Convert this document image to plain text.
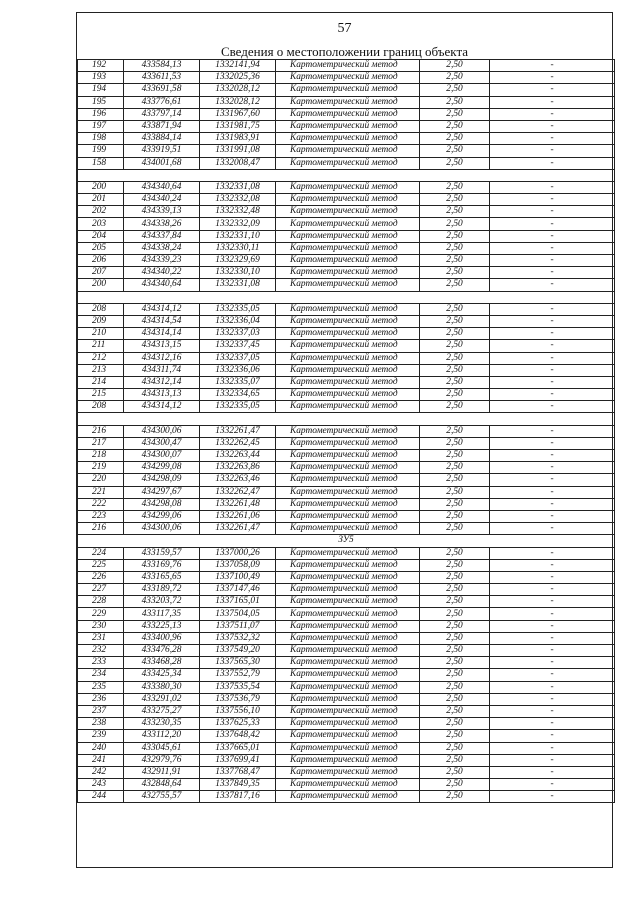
57
Сведения о местоположении границ объекта
192	433584,13	1332141,94	Картометрический метод	2,50	-
193	433611,53	1332025,36	Картометрический метод	2,50	-
194	433691,58	1332028,12	Картометрический метод	2,50	-
195	433776,61	1332028,12	Картометрический метод	2,50	-
196	433797,14	1331967,60	Картометрический метод	2,50	-
197	433871,94	1331981,75	Картометрический метод	2,50	-
198	433884,14	1331983,91	Картометрический метод	2,50	-
199	433919,51	1331991,08	Картометрический метод	2,50	-
158	434001,68	1332008,47	Картометрический метод	2,50	-

200	434340,64	1332331,08	Картометрический метод	2,50	-
201	434340,24	1332332,08	Картометрический метод	2,50	-
202	434339,13	1332332,48	Картометрический метод	2,50	-
203	434338,26	1332332,09	Картометрический метод	2,50	-
204	434337,84	1332331,10	Картометрический метод	2,50	-
205	434338,24	1332330,11	Картометрический метод	2,50	-
206	434339,23	1332329,69	Картометрический метод	2,50	-
207	434340,22	1332330,10	Картометрический метод	2,50	-
200	434340,64	1332331,08	Картометрический метод	2,50	-

208	434314,12	1332335,05	Картометрический метод	2,50	-
209	434314,54	1332336,04	Картометрический метод	2,50	-
210	434314,14	1332337,03	Картометрический метод	2,50	-
211	434313,15	1332337,45	Картометрический метод	2,50	-
212	434312,16	1332337,05	Картометрический метод	2,50	-
213	434311,74	1332336,06	Картометрический метод	2,50	-
214	434312,14	1332335,07	Картометрический метод	2,50	-
215	434313,13	1332334,65	Картометрический метод	2,50	-
208	434314,12	1332335,05	Картометрический метод	2,50	-

216	434300,06	1332261,47	Картометрический метод	2,50	-
217	434300,47	1332262,45	Картометрический метод	2,50	-
218	434300,07	1332263,44	Картометрический метод	2,50	-
219	434299,08	1332263,86	Картометрический метод	2,50	-
220	434298,09	1332263,46	Картометрический метод	2,50	-
221	434297,67	1332262,47	Картометрический метод	2,50	-
222	434298,08	1332261,48	Картометрический метод	2,50	-
223	434299,06	1332261,06	Картометрический метод	2,50	-
216	434300,06	1332261,47	Картометрический метод	2,50	-
ЗУ5					
224	433159,57	1337000,26	Картометрический метод	2,50	-
225	433169,76	1337058,09	Картометрический метод	2,50	-
226	433165,65	1337100,49	Картометрический метод	2,50	-
227	433189,72	1337147,46	Картометрический метод	2,50	-
228	433203,72	1337165,01	Картометрический метод	2,50	-
229	433117,35	1337504,05	Картометрический метод	2,50	-
230	433225,13	1337511,07	Картометрический метод	2,50	-
231	433400,96	1337532,32	Картометрический метод	2,50	-
232	433476,28	1337549,20	Картометрический метод	2,50	-
233	433468,28	1337565,30	Картометрический метод	2,50	-
234	433425,34	1337552,79	Картометрический метод	2,50	-
235	433380,30	1337535,54	Картометрический метод	2,50	-
236	433291,02	1337536,79	Картометрический метод	2,50	-
237	433275,27	1337556,10	Картометрический метод	2,50	-
238	433230,35	1337625,33	Картометрический метод	2,50	-
239	433112,20	1337648,42	Картометрический метод	2,50	-
240	433045,61	1337665,01	Картометрический метод	2,50	-
241	432979,76	1337699,41	Картометрический метод	2,50	-
242	432911,91	1337768,47	Картометрический метод	2,50	-
243	432848,64	1337849,35	Картометрический метод	2,50	-
244	432755,57	1337817,16	Картометрический метод	2,50	-
